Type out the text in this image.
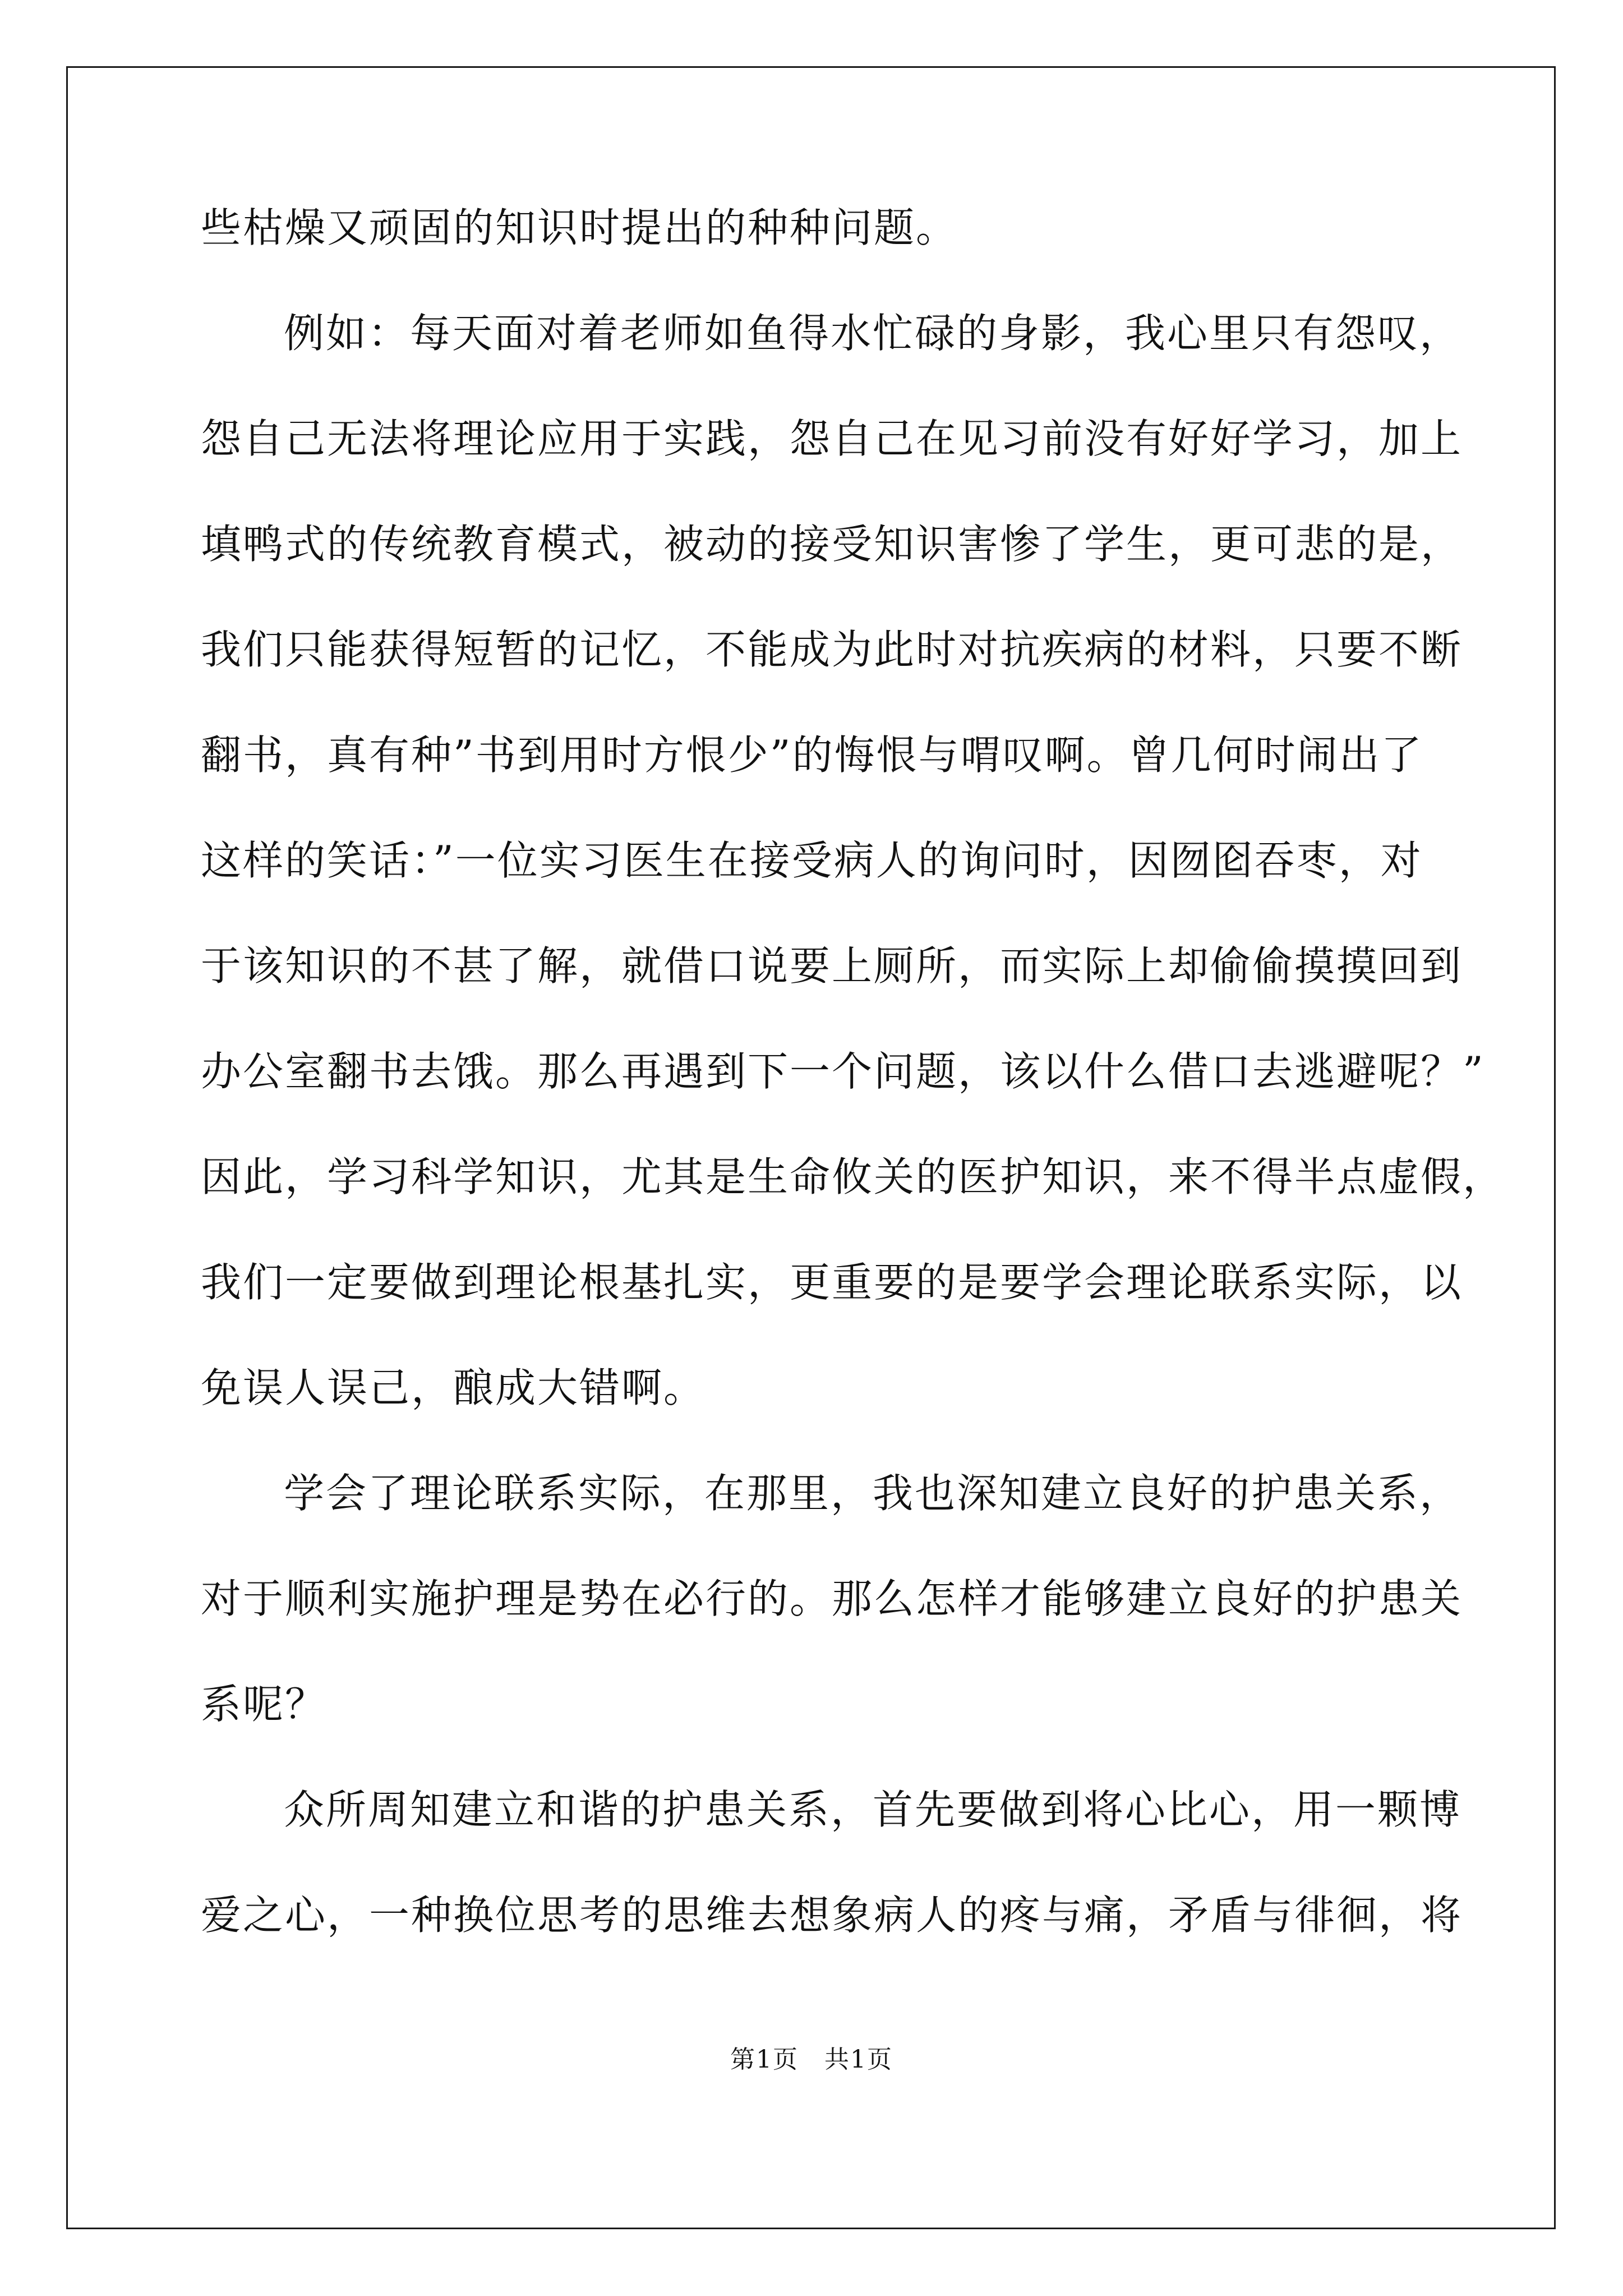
些枯燥又顽固的知识时提出的种种问题。
例如：每天面对着老师如鱼得水忙碌的身影，我心里只有怨叹，
怨自己无法将理论应用于实践，怨自己在见习前没有好好学习，加上
填鸭式的传统教育模式，被动的接受知识害惨了学生，更可悲的是，
我们只能获得短暂的记忆，不能成为此时对抗疾病的材料，只要不断
翻书，真有种”书到用时方恨少”的悔恨与喟叹啊。曾几何时闹出了
这样的笑话：”一位实习医生在接受病人的询问时，因囫囵吞枣，对
于该知识的不甚了解，就借口说要上厕所，而实际上却偷偷摸摸回到
办公室翻书去饿。那么再遇到下一个问题，该以什么借口去逃避呢？”
因此，学习科学知识，尤其是生命攸关的医护知识，来不得半点虚假，
我们一定要做到理论根基扎实，更重要的是要学会理论联系实际，以
免误人误己，酿成大错啊。
学会了理论联系实际，在那里，我也深知建立良好的护患关系，
对于顺利实施护理是势在必行的。那么怎样才能够建立良好的护患关
系呢？
众所周知建立和谐的护患关系，首先要做到将心比心，用一颗博
爱之心，一种换位思考的思维去想象病人的疼与痛，矛盾与徘徊，将
第1页　共1页
